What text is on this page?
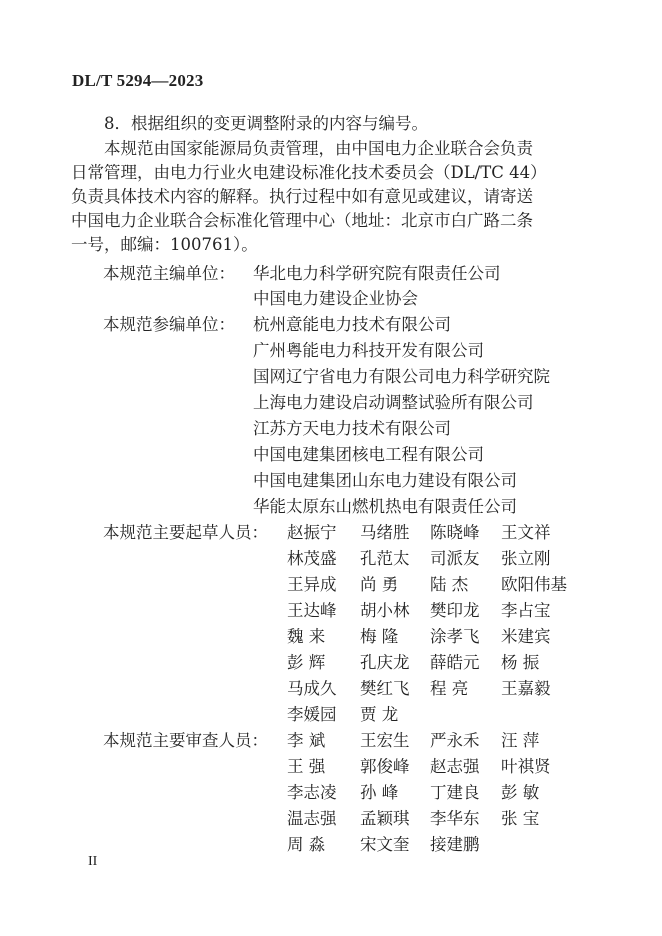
DL/T 5294—2023

8．根据组织的变更调整附录的内容与编号。

本规范由国家能源局负责管理，由中国电力企业联合会负责
日常管理，由电力行业火电建设标准化技术委员会（DL/TC 44）
负责具体技术内容的解释。执行过程中如有意见或建议，请寄送
中国电力企业联合会标准化管理中心（地址：北京市白广路二条
一号，邮编：100761）。

本规范主编单位： 华北电力科学研究院有限责任公司

中国电力建设企业协会

本规范参编单位： 杭州意能电力技术有限公司

广州粤能电力科技开发有限公司

国网辽宁省电力有限公司电力科学研究院

上海电力建设启动调整试验所有限公司

江苏方天电力技术有限公司

中国电建集团核电工程有限公司

中国电建集团山东电力建设有限公司

华能太原东山燃机热电有限责任公司

本规范主要起草人员： 赵振宁 马绪胜 陈晓峰 王文祥

林茂盛 孔范太 司派友 张立刚

王异成 尚 勇 陆 杰 欧阳伟基

王达峰 胡小林 樊印龙 李占宝

魏 来 梅 隆 涂孝飞 米建宾

彭 辉 孔庆龙 薛皓元 杨 振

马成久 樊红飞 程 亮 王嘉毅

李媛园 贾 龙

本规范主要审查人员： 李 斌 王宏生 严永禾 汪 萍

王 强 郭俊峰 赵志强 叶祺贤

李志凌 孙 峰 丁建良 彭 敏

温志强 孟颖琪 李华东 张 宝

周 淼 宋文奎 接建鹏

II
